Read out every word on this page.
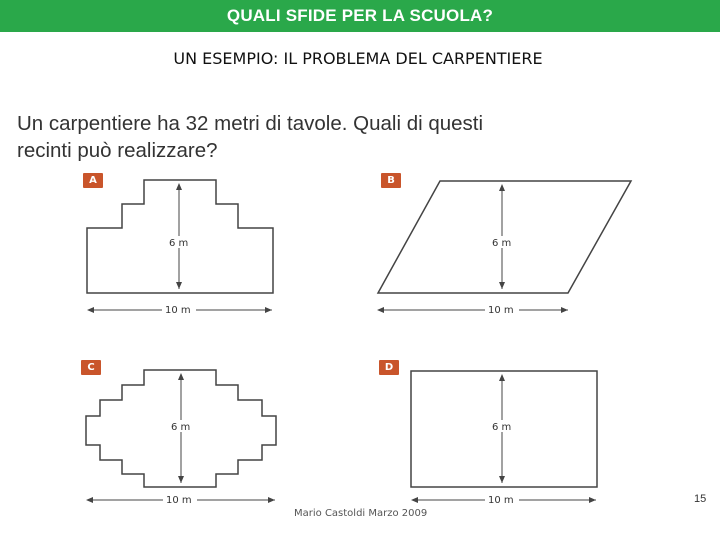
QUALI SFIDE PER LA SCUOLA?
UN ESEMPIO: IL PROBLEMA DEL CARPENTIERE
Un carpentiere ha 32 metri di tavole. Quali di questi
recinti può realizzare?
A	B
C	D
6 m
10 m
6 m
10 m
6 m
10 m
6 m
10 m
Mario Castoldi Marzo 2009
15
